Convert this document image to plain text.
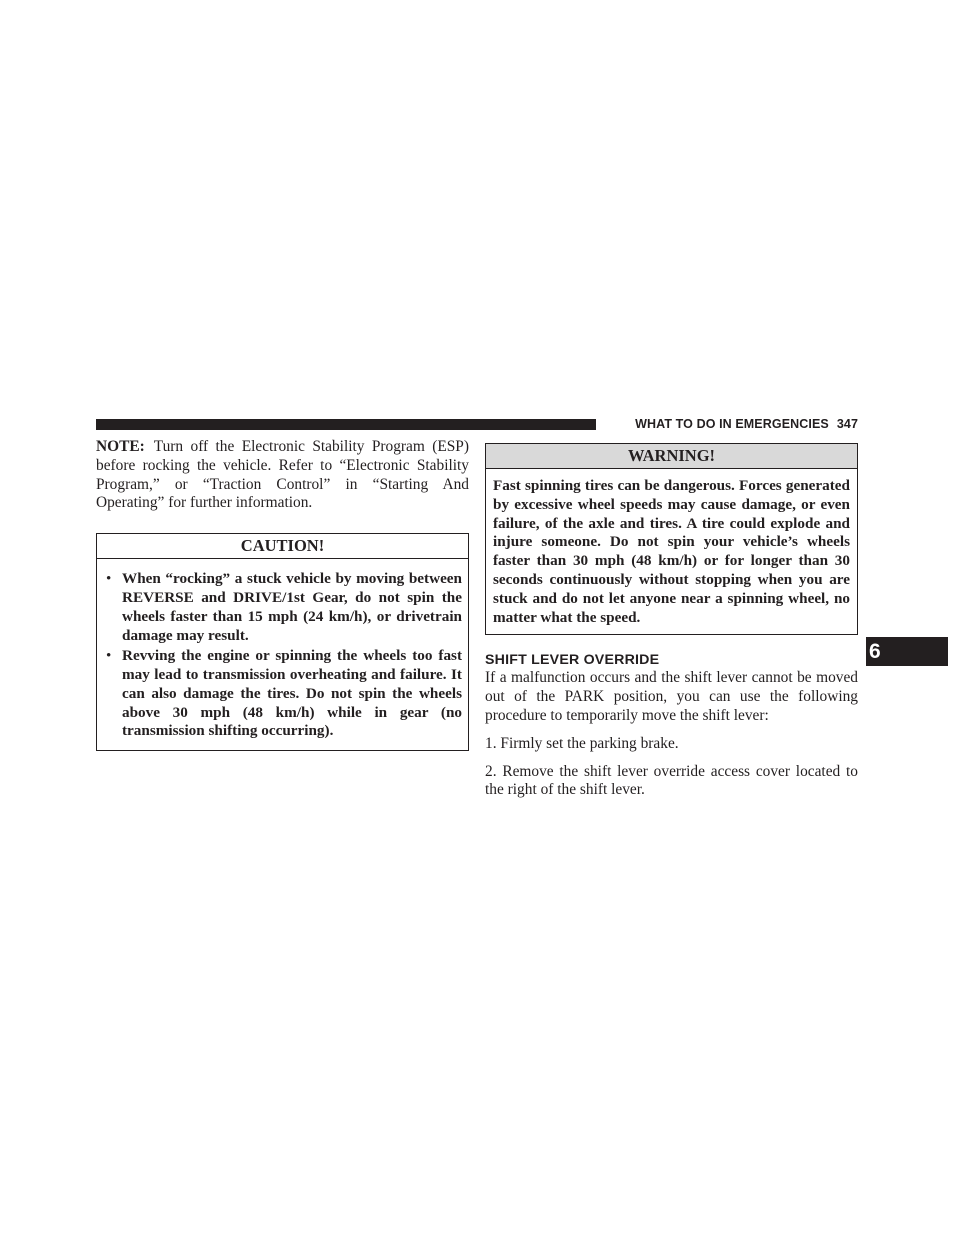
WHAT TO DO IN EMERGENCIES 347

NOTE: Turn off the Electronic Stability Program (ESP) before rocking the vehicle. Refer to “Electronic Stability Program,” or “Traction Control” in “Starting And Operating” for further information.

CAUTION!
• When “rocking” a stuck vehicle by moving between REVERSE and DRIVE/1st Gear, do not spin the wheels faster than 15 mph (24 km/h), or drivetrain damage may result.
• Revving the engine or spinning the wheels too fast may lead to transmission overheating and failure. It can also damage the tires. Do not spin the wheels above 30 mph (48 km/h) while in gear (no transmission shifting occurring).
WARNING!
Fast spinning tires can be dangerous. Forces generated by excessive wheel speeds may cause damage, or even failure, of the axle and tires. A tire could explode and injure someone. Do not spin your vehicle’s wheels faster than 30 mph (48 km/h) or for longer than 30 seconds continuously without stopping when you are stuck and do not let anyone near a spinning wheel, no matter what the speed.
SHIFT LEVER OVERRIDE

If a malfunction occurs and the shift lever cannot be moved out of the PARK position, you can use the following procedure to temporarily move the shift lever:

1. Firmly set the parking brake.

2. Remove the shift lever override access cover located to the right of the shift lever.

6
